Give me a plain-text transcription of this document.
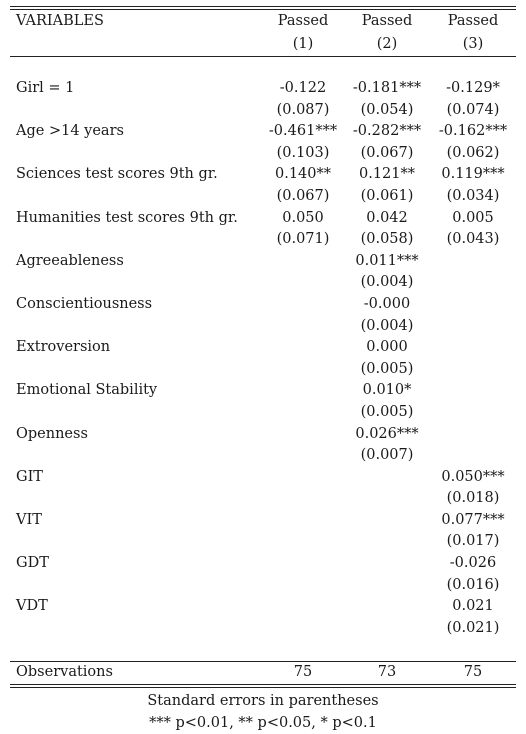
VARIABLES	Passed	Passed	Passed
	(1)	(2)	(3)

Girl = 1	-0.122	-0.181***	-0.129*
	(0.087)	(0.054)	(0.074)
Age >14 years	-0.461***	-0.282***	-0.162***
	(0.103)	(0.067)	(0.062)
Sciences test scores 9th gr.	0.140**	0.121**	0.119***
	(0.067)	(0.061)	(0.034)
Humanities test scores 9th gr.	0.050	0.042	0.005
	(0.071)	(0.058)	(0.043)
Agreeableness		0.011***	
		(0.004)	
Conscientiousness		-0.000	
		(0.004)	
Extroversion		0.000	
		(0.005)	
Emotional Stability		0.010*	
		(0.005)	
Openness		0.026***	
		(0.007)	
GIT			0.050***
			(0.018)
VIT			0.077***
			(0.017)
GDT			-0.026
			(0.016)
VDT			0.021
			(0.021)

Observations	75	73	75
Standard errors in parentheses
*** p<0.01, ** p<0.05, * p<0.1
